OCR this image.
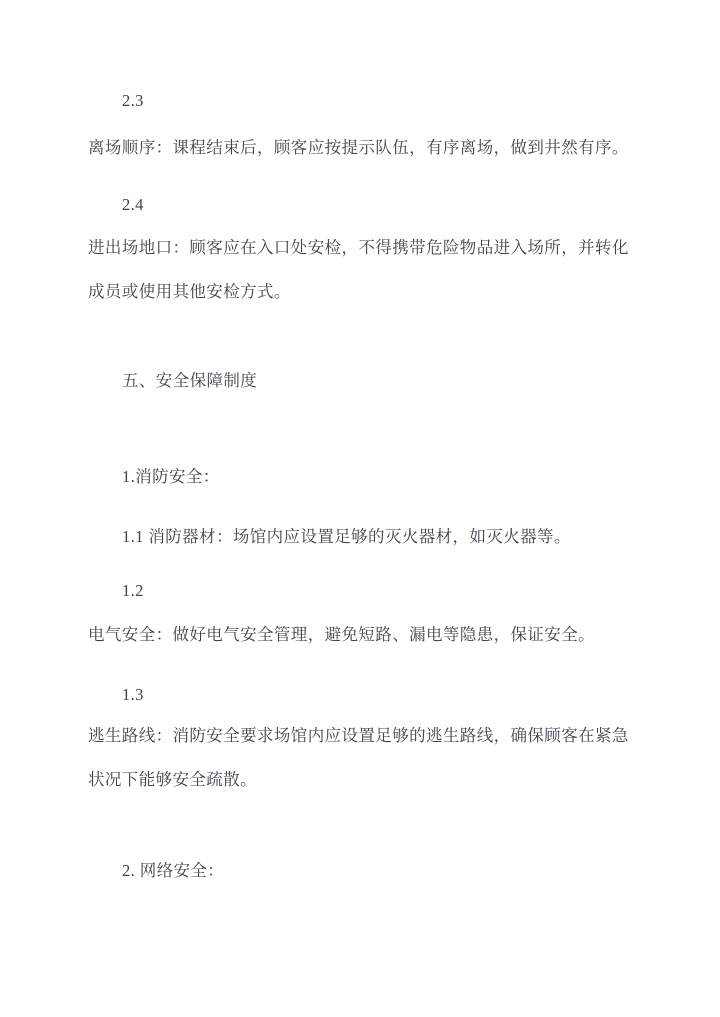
2.3

离场顺序：课程结束后，顾客应按提示队伍，有序离场，做到井然有序。

2.4

进出场地口：顾客应在入口处安检，不得携带危险物品进入场所，并转化成员或使用其他安检方式。

五、安全保障制度

1.消防安全：

1.1 消防器材：场馆内应设置足够的灭火器材，如灭火器等。

1.2

电气安全：做好电气安全管理，避免短路、漏电等隐患，保证安全。

1.3

逃生路线：消防安全要求场馆内应设置足够的逃生路线，确保顾客在紧急状况下能够安全疏散。

2. 网络安全：
